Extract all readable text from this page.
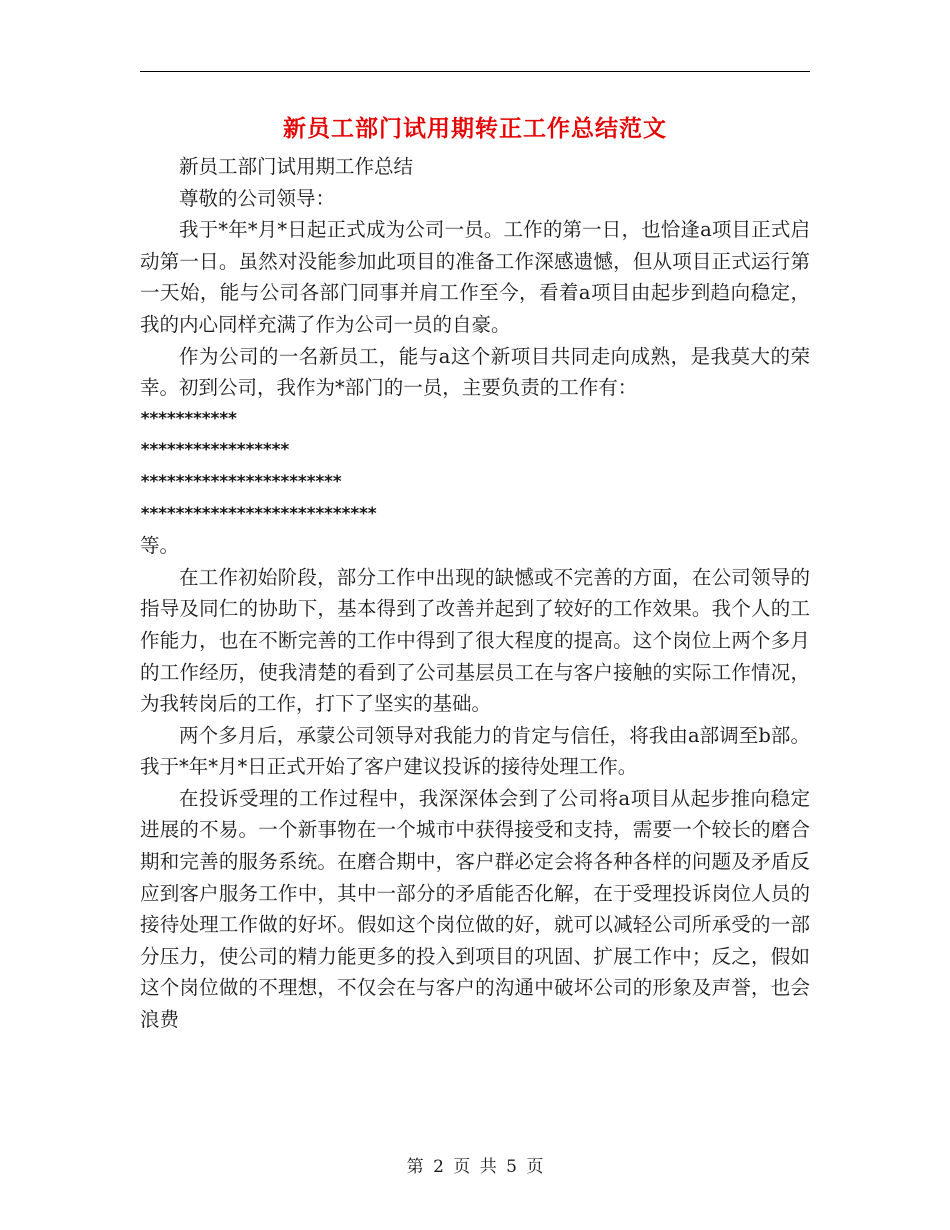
新员工部门试用期转正工作总结范文

新员工部门试用期工作总结

尊敬的公司领导：

我于*年*月*日起正式成为公司一员。工作的第一日，也恰逢a项目正式启动第一日。虽然对没能参加此项目的准备工作深感遗憾，但从项目正式运行第一天始，能与公司各部门同事并肩工作至今，看着a项目由起步到趋向稳定，我的内心同样充满了作为公司一员的自豪。

作为公司的一名新员工，能与a这个新项目共同走向成熟，是我莫大的荣幸。初到公司，我作为*部门的一员，主要负责的工作有：

***********

*****************

***********************

***************************

等。

在工作初始阶段，部分工作中出现的缺憾或不完善的方面，在公司领导的指导及同仁的协助下，基本得到了改善并起到了较好的工作效果。我个人的工作能力，也在不断完善的工作中得到了很大程度的提高。这个岗位上两个多月的工作经历，使我清楚的看到了公司基层员工在与客户接触的实际工作情况，为我转岗后的工作，打下了坚实的基础。

两个多月后，承蒙公司领导对我能力的肯定与信任，将我由a部调至b部。我于*年*月*日正式开始了客户建议投诉的接待处理工作。

在投诉受理的工作过程中，我深深体会到了公司将a项目从起步推向稳定进展的不易。一个新事物在一个城市中获得接受和支持，需要一个较长的磨合期和完善的服务系统。在磨合期中，客户群必定会将各种各样的问题及矛盾反应到客户服务工作中，其中一部分的矛盾能否化解，在于受理投诉岗位人员的接待处理工作做的好坏。假如这个岗位做的好，就可以减轻公司所承受的一部分压力，使公司的精力能更多的投入到项目的巩固、扩展工作中；反之，假如这个岗位做的不理想，不仅会在与客户的沟通中破坏公司的形象及声誉，也会浪费

第 2 页 共 5 页
